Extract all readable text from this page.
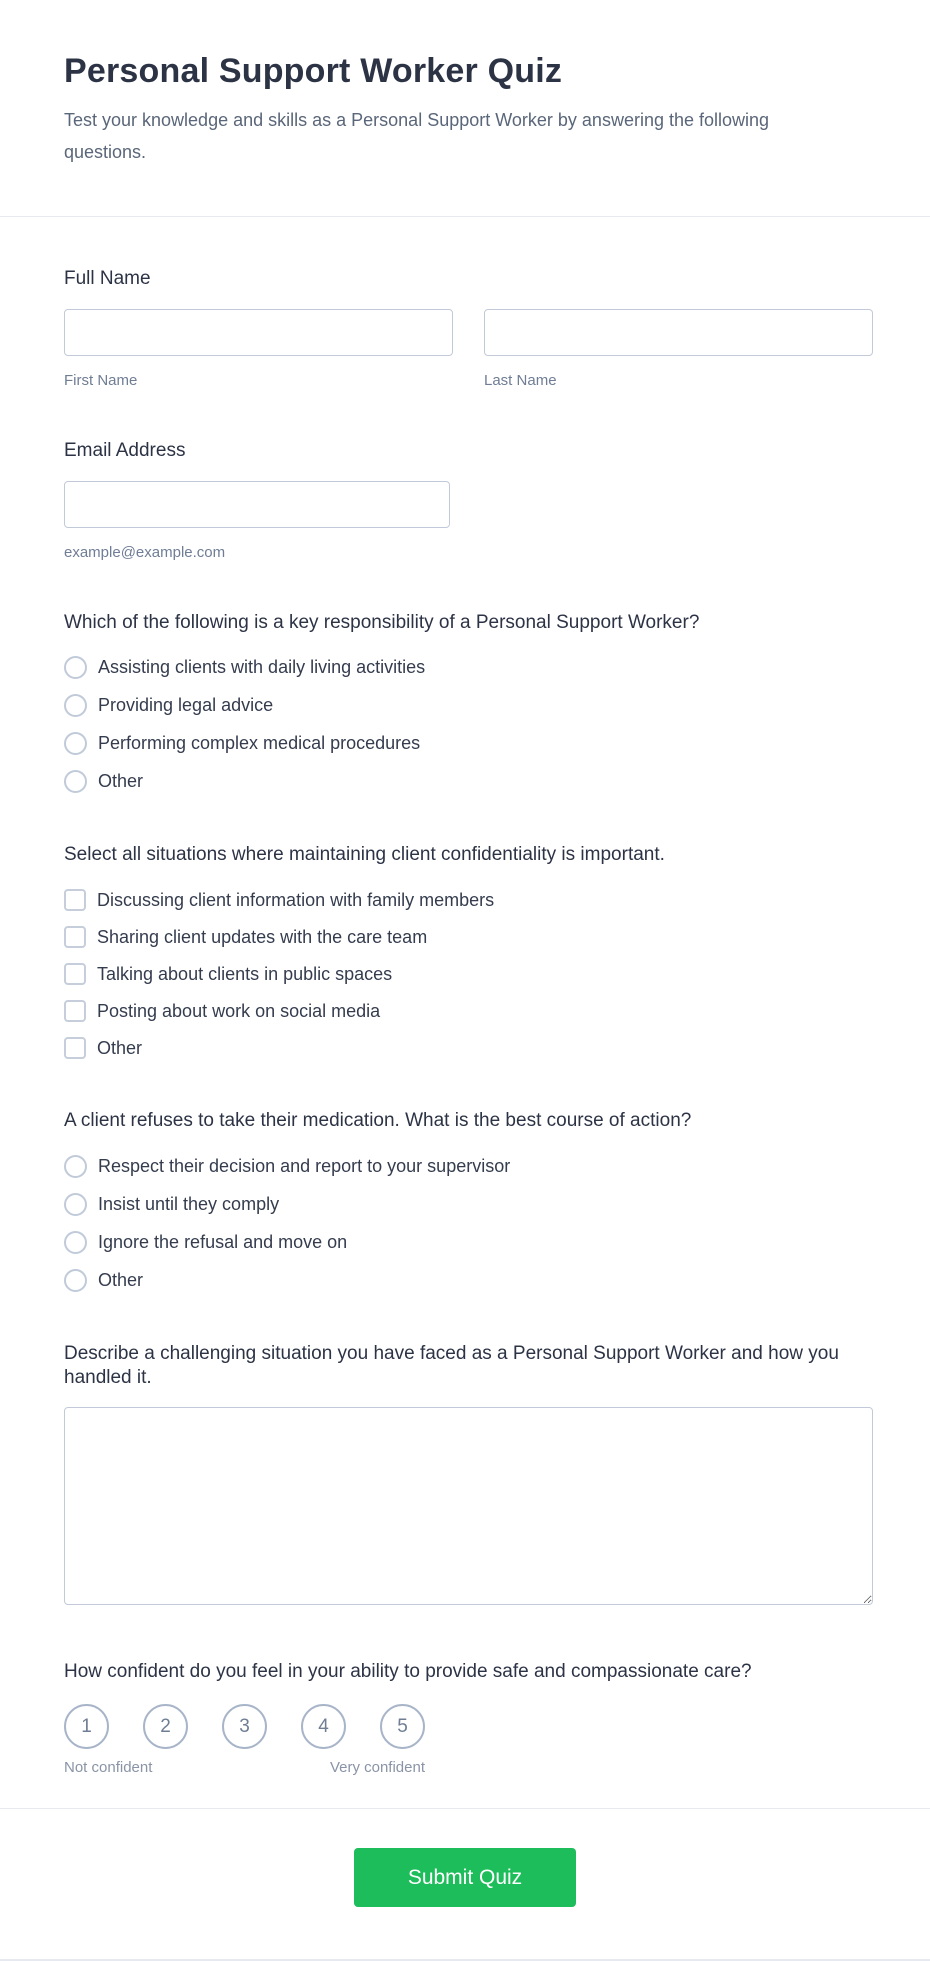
Personal Support Worker Quiz
Test your knowledge and skills as a Personal Support Worker by answering the following questions.
Full Name
First Name	Last Name
Email Address
example@example.com
Which of the following is a key responsibility of a Personal Support Worker?
Assisting clients with daily living activities
Providing legal advice
Performing complex medical procedures
Other
Select all situations where maintaining client confidentiality is important.
Discussing client information with family members
Sharing client updates with the care team
Talking about clients in public spaces
Posting about work on social media
Other
A client refuses to take their medication. What is the best course of action?
Respect their decision and report to your supervisor
Insist until they comply
Ignore the refusal and move on
Other
Describe a challenging situation you have faced as a Personal Support Worker and how you handled it.
How confident do you feel in your ability to provide safe and compassionate care?
1	2	3	4	5
Not confident	Very confident
Submit Quiz
